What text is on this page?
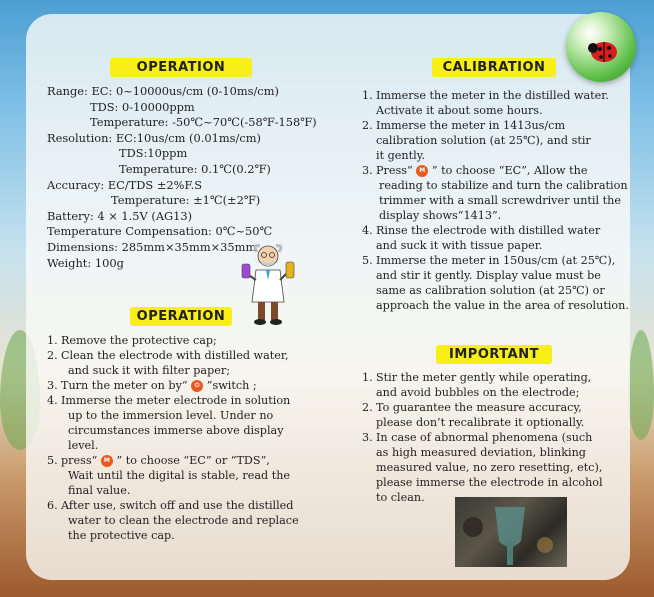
OPERATION
Range: EC: 0~10000us/cm (0-10ms/cm)
TDS: 0-10000ppm
Temperature: -50℃~70℃(-58℉-158℉)
Resolution: EC:10us/cm (0.01ms/cm)
TDS:10ppm
Temperature: 0.1℃(0.2℉)
Accuracy: EC/TDS ±2%F.S
Temperature: ±1℃(±2℉)
Battery: 4 × 1.5V (AG13)
Temperature Compensation: 0℃~50℃
Dimensions: 285mm×35mm×35mm
Weight: 100g
OPERATION
1. Remove the protective cap;
2. Clean the electrode with distilled water,
and suck it with filter paper;
3. Turn the meter on by“ ⏻ ”switch ;
4. Immerse the meter electrode in solution
up to the immersion level. Under no
circumstances immerse above display
level.
5. press“ M ” to choose “EC” or “TDS”,
Wait until the digital is stable, read the
final value.
6. After use, switch off and use the distilled
water to clean the electrode and replace
the protective cap.
CALIBRATION
1. Immerse the meter in the distilled water.
Activate it about some hours.
2. Immerse the meter in 1413us/cm
calibration solution (at 25℃), and stir
it gently.
3. Press“ M ” to choose “EC”, Allow the
reading to stabilize and turn the calibration
trimmer with a small screwdriver until the
display shows“1413”.
4. Rinse the electrode with distilled water
and suck it with tissue paper.
5. Immerse the meter in 150us/cm (at 25℃),
and stir it gently. Display value must be
same as calibration solution (at 25℃) or
approach the value in the area of resolution.
IMPORTANT
1. Stir the meter gently while operating,
and avoid bubbles on the electrode;
2. To guarantee the measure accuracy,
please don’t recalibrate it optionally.
3. In case of abnormal phenomena (such
as high measured deviation, blinking
measured value, no zero resetting, etc),
please immerse the electrode in alcohol
to clean.
